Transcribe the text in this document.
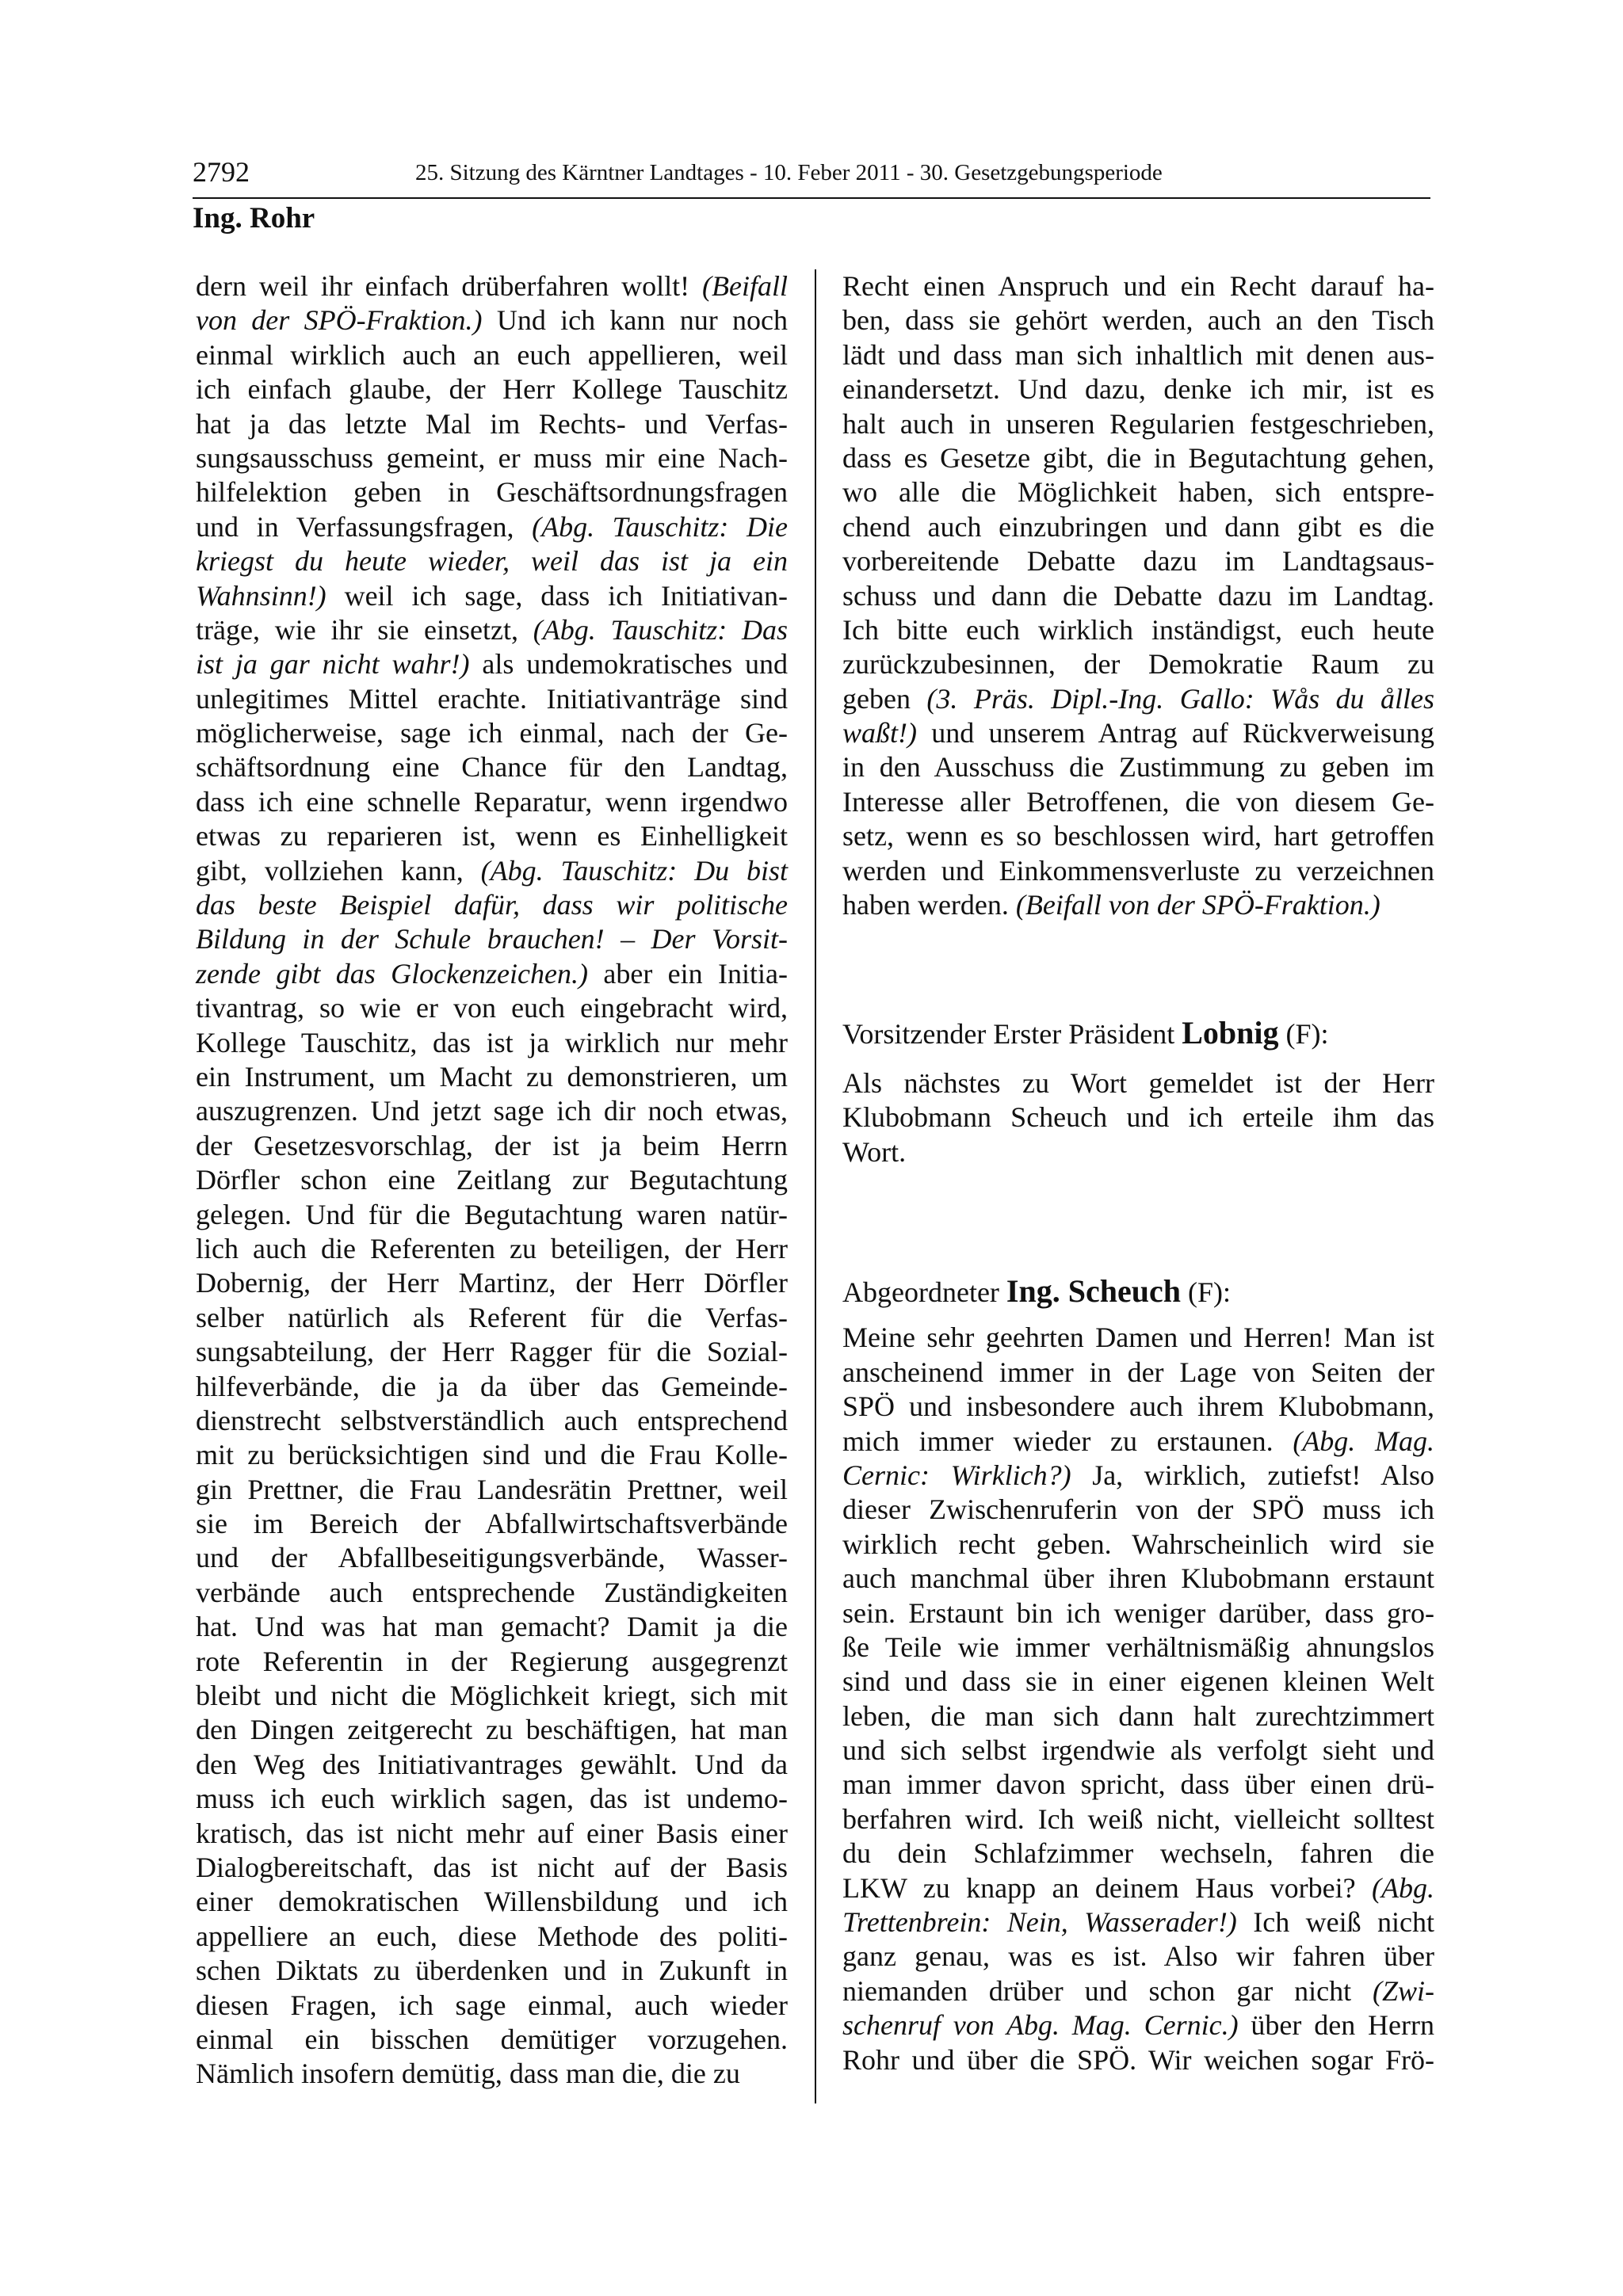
2792	25. Sitzung des Kärntner Landtages - 10. Feber 2011 - 30. Gesetzgebungsperiode
Ing. Rohr
dern weil ihr einfach drüberfahren wollt! (Beifall
von der SPÖ-Fraktion.) Und ich kann nur noch
einmal wirklich auch an euch appellieren, weil
ich einfach glaube, der Herr Kollege Tauschitz
hat ja das letzte Mal im Rechts- und Verfas-
sungsausschuss gemeint, er muss mir eine Nach-
hilfelektion geben in Geschäftsordnungsfragen
und in Verfassungsfragen, (Abg. Tauschitz: Die
kriegst du heute wieder, weil das ist ja ein
Wahnsinn!) weil ich sage, dass ich Initiativan-
träge, wie ihr sie einsetzt, (Abg. Tauschitz: Das
ist ja gar nicht wahr!) als undemokratisches und
unlegitimes Mittel erachte. Initiativanträge sind
möglicherweise, sage ich einmal, nach der Ge-
schäftsordnung eine Chance für den Landtag,
dass ich eine schnelle Reparatur, wenn irgendwo
etwas zu reparieren ist, wenn es Einhelligkeit
gibt, vollziehen kann, (Abg. Tauschitz: Du bist
das beste Beispiel dafür, dass wir politische
Bildung in der Schule brauchen! – Der Vorsit-
zende gibt das Glockenzeichen.) aber ein Initia-
tivantrag, so wie er von euch eingebracht wird,
Kollege Tauschitz, das ist ja wirklich nur mehr
ein Instrument, um Macht zu demonstrieren, um
auszugrenzen. Und jetzt sage ich dir noch etwas,
der Gesetzesvorschlag, der ist ja beim Herrn
Dörfler schon eine Zeitlang zur Begutachtung
gelegen. Und für die Begutachtung waren natür-
lich auch die Referenten zu beteiligen, der Herr
Dobernig, der Herr Martinz, der Herr Dörfler
selber natürlich als Referent für die Verfas-
sungsabteilung, der Herr Ragger für die Sozial-
hilfeverbände, die ja da über das Gemeinde-
dienstrecht selbstverständlich auch entsprechend
mit zu berücksichtigen sind und die Frau Kolle-
gin Prettner, die Frau Landesrätin Prettner, weil
sie im Bereich der Abfallwirtschaftsverbände
und der Abfallbeseitigungsverbände, Wasser-
verbände auch entsprechende Zuständigkeiten
hat. Und was hat man gemacht? Damit ja die
rote Referentin in der Regierung ausgegrenzt
bleibt und nicht die Möglichkeit kriegt, sich mit
den Dingen zeitgerecht zu beschäftigen, hat man
den Weg des Initiativantrages gewählt. Und da
muss ich euch wirklich sagen, das ist undemo-
kratisch, das ist nicht mehr auf einer Basis einer
Dialogbereitschaft, das ist nicht auf der Basis
einer demokratischen Willensbildung und ich
appelliere an euch, diese Methode des politi-
schen Diktats zu überdenken und in Zukunft in
diesen Fragen, ich sage einmal, auch wieder
einmal ein bisschen demütiger vorzugehen.
Nämlich insofern demütig, dass man die, die zu
Recht einen Anspruch und ein Recht darauf ha-
ben, dass sie gehört werden, auch an den Tisch
lädt und dass man sich inhaltlich mit denen aus-
einandersetzt. Und dazu, denke ich mir, ist es
halt auch in unseren Regularien festgeschrieben,
dass es Gesetze gibt, die in Begutachtung gehen,
wo alle die Möglichkeit haben, sich entspre-
chend auch einzubringen und dann gibt es die
vorbereitende Debatte dazu im Landtagsaus-
schuss und dann die Debatte dazu im Landtag.
Ich bitte euch wirklich inständigst, euch heute
zurückzubesinnen, der Demokratie Raum zu
geben (3. Präs. Dipl.-Ing. Gallo: Wås du ålles
waßt!) und unserem Antrag auf Rückverweisung
in den Ausschuss die Zustimmung zu geben im
Interesse aller Betroffenen, die von diesem Ge-
setz, wenn es so beschlossen wird, hart getroffen
werden und Einkommensverluste zu verzeichnen
haben werden. (Beifall von der SPÖ-Fraktion.)
Vorsitzender Erster Präsident Lobnig (F):
Als nächstes zu Wort gemeldet ist der Herr
Klubobmann Scheuch und ich erteile ihm das
Wort.
Abgeordneter Ing. Scheuch (F):
Meine sehr geehrten Damen und Herren! Man ist
anscheinend immer in der Lage von Seiten der
SPÖ und insbesondere auch ihrem Klubobmann,
mich immer wieder zu erstaunen. (Abg. Mag.
Cernic: Wirklich?) Ja, wirklich, zutiefst! Also
dieser Zwischenruferin von der SPÖ muss ich
wirklich recht geben. Wahrscheinlich wird sie
auch manchmal über ihren Klubobmann erstaunt
sein. Erstaunt bin ich weniger darüber, dass gro-
ße Teile wie immer verhältnismäßig ahnungslos
sind und dass sie in einer eigenen kleinen Welt
leben, die man sich dann halt zurechtzimmert
und sich selbst irgendwie als verfolgt sieht und
man immer davon spricht, dass über einen drü-
berfahren wird. Ich weiß nicht, vielleicht solltest
du dein Schlafzimmer wechseln, fahren die
LKW zu knapp an deinem Haus vorbei? (Abg.
Trettenbrein: Nein, Wasserader!) Ich weiß nicht
ganz genau, was es ist. Also wir fahren über
niemanden drüber und schon gar nicht (Zwi-
schenruf von Abg. Mag. Cernic.) über den Herrn
Rohr und über die SPÖ. Wir weichen sogar Frö-
